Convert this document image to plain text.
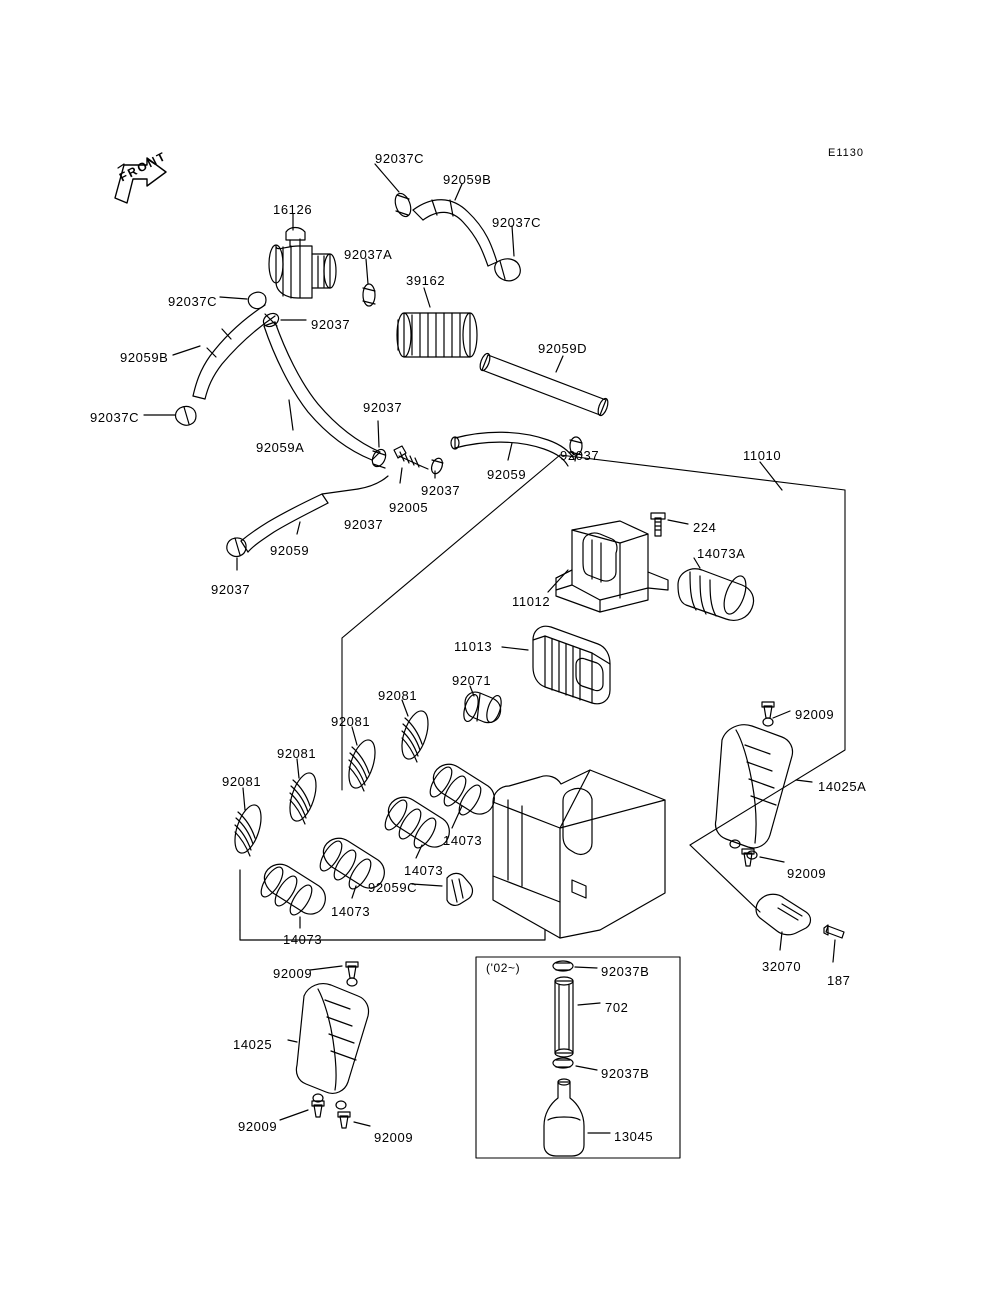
FRONT	E1130
('02~)
92037C
92059B
16126
92037C
92037A
39162
92037C
92037
92059D
92059B
92037
92037C
92059A
92059
92037
92037
92005
92037
11010
92059
92037
224
14073A
11012
11013
92071
92081
92009
92081
92081
14025A
92081
14073
92009
14073
92059C
14073
32070
187
14073
92037B
92009
702
14025
92037B
13045
92009
92009
